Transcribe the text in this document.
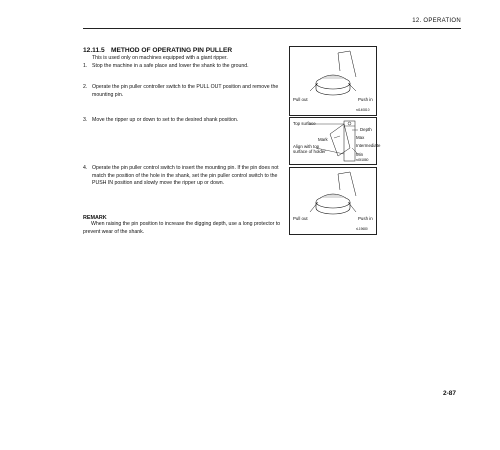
12. OPERATION
12.11.5 METHOD OF OPERATING PIN PULLER
This is used only on machines equipped with a giant ripper.
1. Stop the machine in a safe place and lower the shank to the ground.
2. Operate the pin puller controller switch to the PULL OUT position and remove the mounting pin.
3. Move the ripper up or down to set to the desired shank position.
4. Operate the pin puller control switch to insert the mounting pin. If the pin does not match the position of the hole in the shank, set the pin puller control switch to the PUSH IN position and slowly move the ripper up or down.
REMARK
When raising the pin position to increase the digging depth, use a long protector to prevent wear of the shank.
Pull out	Push in
rd140810
Top surface
Depth
Max
Mark
Intermediate
Align with top
surface of holder
Min
rd0l1880
Pull out	Push in
rL19680
2-87
